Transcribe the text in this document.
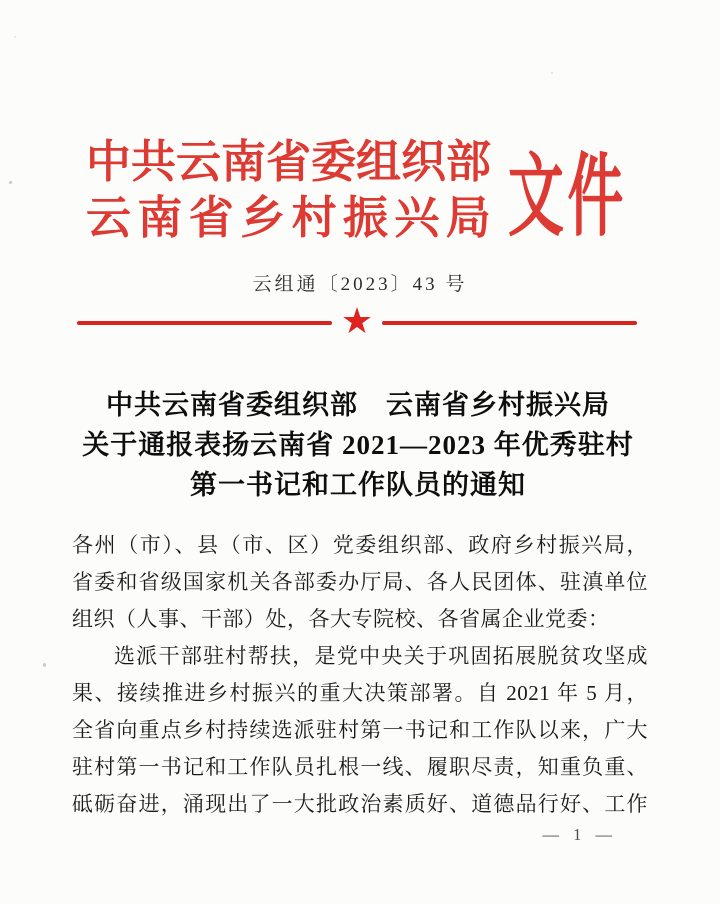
中共云南省委组织部
云南省乡村振兴局 文件
云组通〔2023〕43 号
★
中共云南省委组织部　云南省乡村振兴局
关于通报表扬云南省 2021—2023 年优秀驻村
第一书记和工作队员的通知

各州（市）、县（市、区）党委组织部、政府乡村振兴局，
省委和省级国家机关各部委办厅局、各人民团体、驻滇单位
组织（人事、干部）处，各大专院校、各省属企业党委：

选派干部驻村帮扶，是党中央关于巩固拓展脱贫攻坚成
果、接续推进乡村振兴的重大决策部署。自 2021 年 5 月，
全省向重点乡村持续选派驻村第一书记和工作队以来，广大
驻村第一书记和工作队员扎根一线、履职尽责，知重负重、
砥砺奋进，涌现出了一大批政治素质好、道德品行好、工作

— 1 —
